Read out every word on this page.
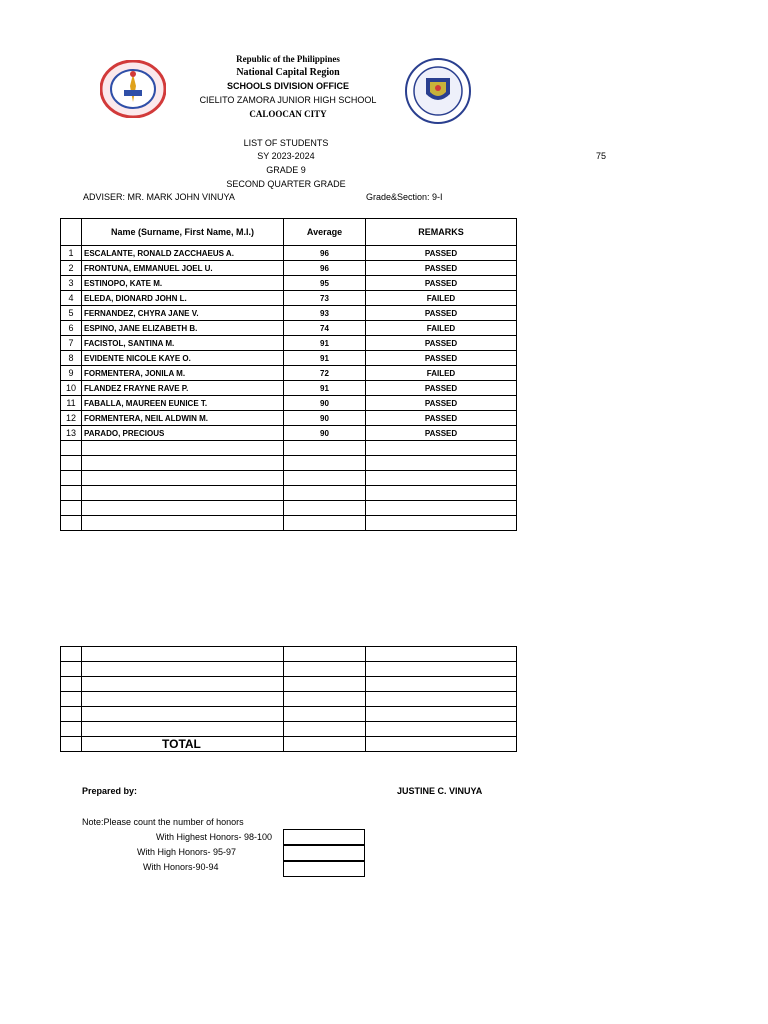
Republic of the Philippines
National Capital Region
SCHOOLS DIVISION OFFICE
CIELITO ZAMORA JUNIOR HIGH SCHOOL
CALOOCAN CITY
LIST OF STUDENTS
SY 2023-2024
GRADE 9
SECOND QUARTER GRADE
75
ADVISER: MR. MARK JOHN VINUYA	Grade&Section: 9-I
	Name (Surname, First Name, M.I.)	Average	REMARKS
1	ESCALANTE, RONALD ZACCHAEUS A.	96	PASSED
2	FRONTUNA, EMMANUEL JOEL U.	96	PASSED
3	ESTINOPO, KATE M.	95	PASSED
4	ELEDA, DIONARD JOHN L.	73	FAILED
5	FERNANDEZ, CHYRA JANE V.	93	PASSED
6	ESPINO, JANE ELIZABETH B.	74	FAILED
7	FACISTOL, SANTINA M.	91	PASSED
8	EVIDENTE NICOLE KAYE O.	91	PASSED
9	FORMENTERA, JONILA M.	72	FAILED
10	FLANDEZ FRAYNE RAVE P.	91	PASSED
11	FABALLA, MAUREEN EUNICE T.	90	PASSED
12	FORMENTERA, NEIL ALDWIN M.	90	PASSED
13	PARADO, PRECIOUS	90	PASSED

	TOTAL		
Prepared by:	JUSTINE C. VINUYA
Note:Please count the number of honors
With Highest Honors- 98-100
With High Honors- 95-97
With Honors-90-94
